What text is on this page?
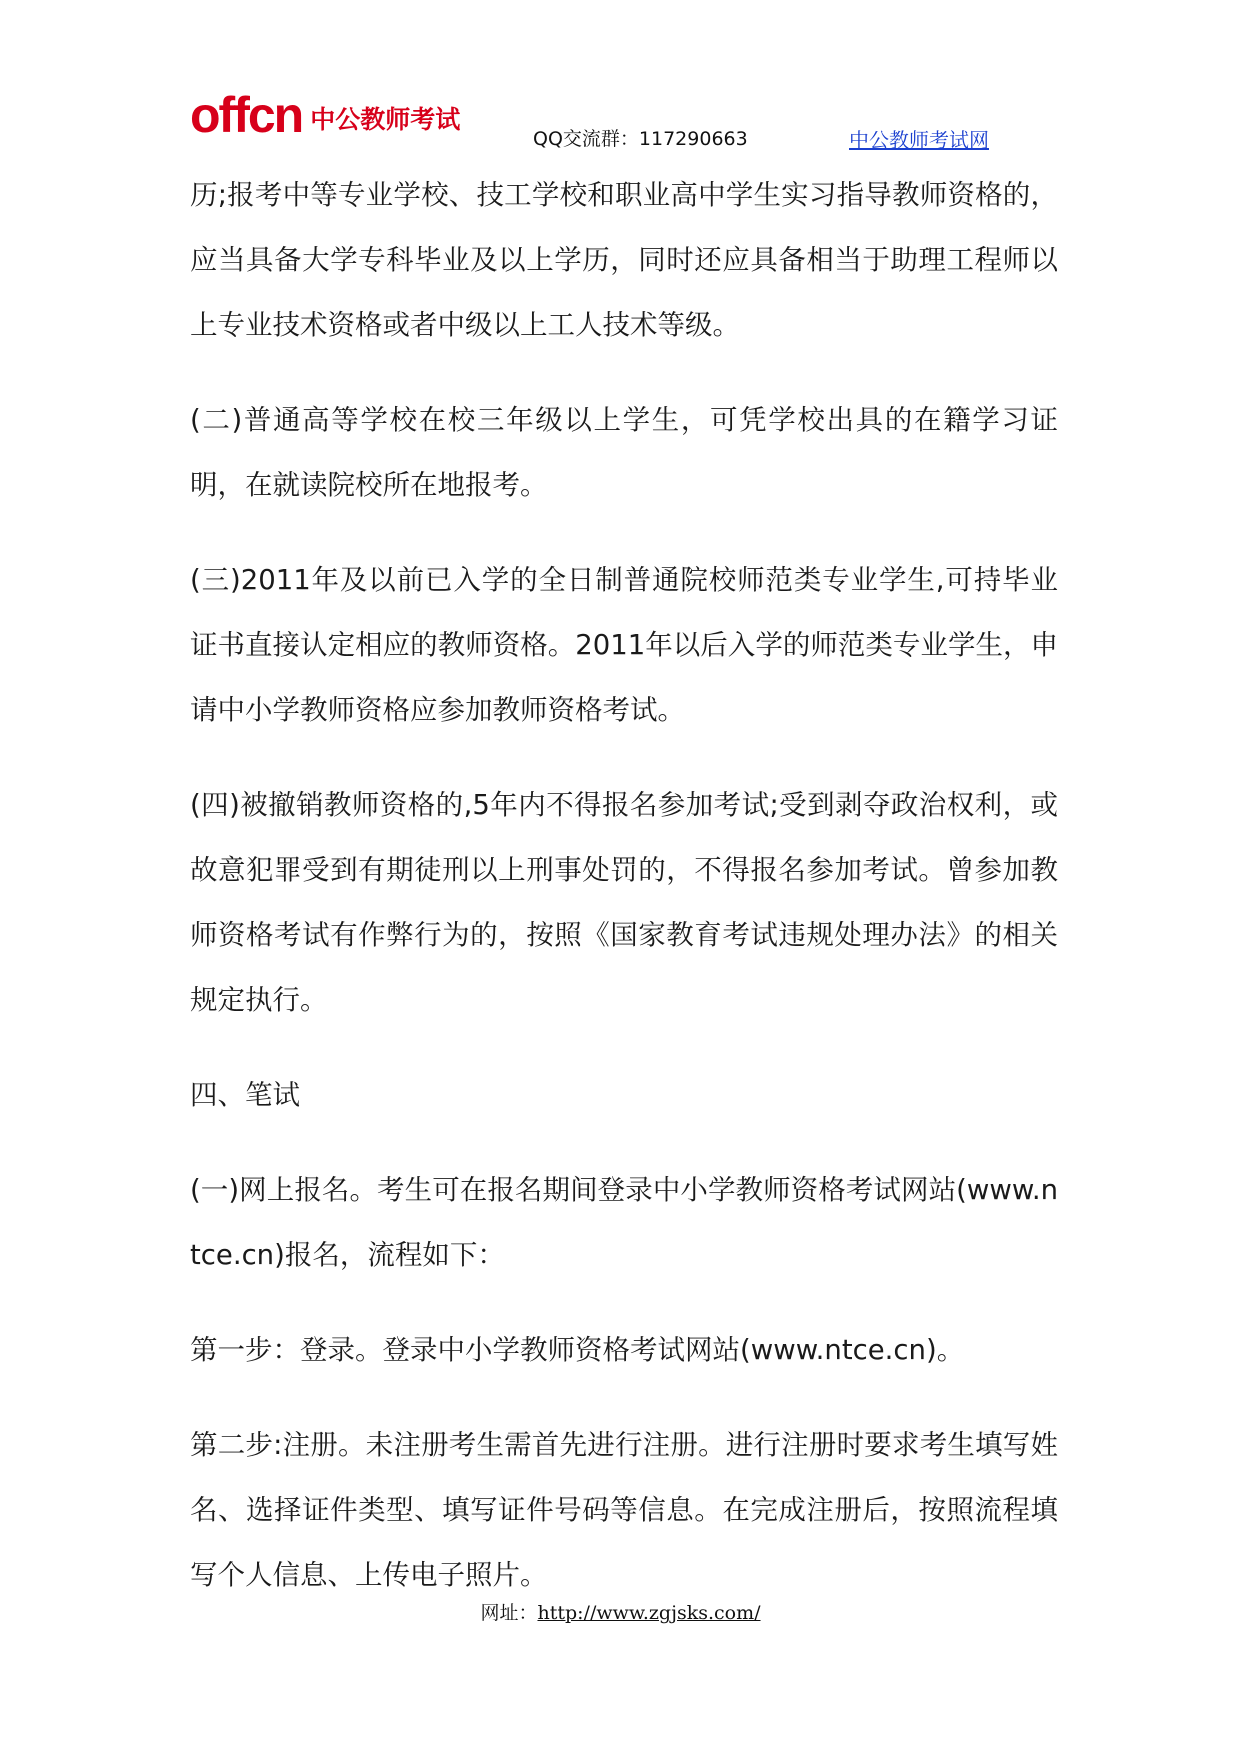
offcn 中公教师考试
QQ交流群：117290663	中公教师考试网

历;报考中等专业学校、技工学校和职业高中学生实习指导教师资格的，应当具备大学专科毕业及以上学历，同时还应具备相当于助理工程师以上专业技术资格或者中级以上工人技术等级。

(二)普通高等学校在校三年级以上学生，可凭学校出具的在籍学习证明，在就读院校所在地报考。

(三)2011年及以前已入学的全日制普通院校师范类专业学生,可持毕业证书直接认定相应的教师资格。2011年以后入学的师范类专业学生，申请中小学教师资格应参加教师资格考试。

(四)被撤销教师资格的,5年内不得报名参加考试;受到剥夺政治权利，或故意犯罪受到有期徒刑以上刑事处罚的，不得报名参加考试。曾参加教师资格考试有作弊行为的，按照《国家教育考试违规处理办法》的相关规定执行。

四、笔试

(一)网上报名。考生可在报名期间登录中小学教师资格考试网站(www.ntce.cn)报名，流程如下：

第一步：登录。登录中小学教师资格考试网站(www.ntce.cn)。

第二步:注册。未注册考生需首先进行注册。进行注册时要求考生填写姓名、选择证件类型、填写证件号码等信息。在完成注册后，按照流程填写个人信息、上传电子照片。

网址：http://www.zgjsks.com/
